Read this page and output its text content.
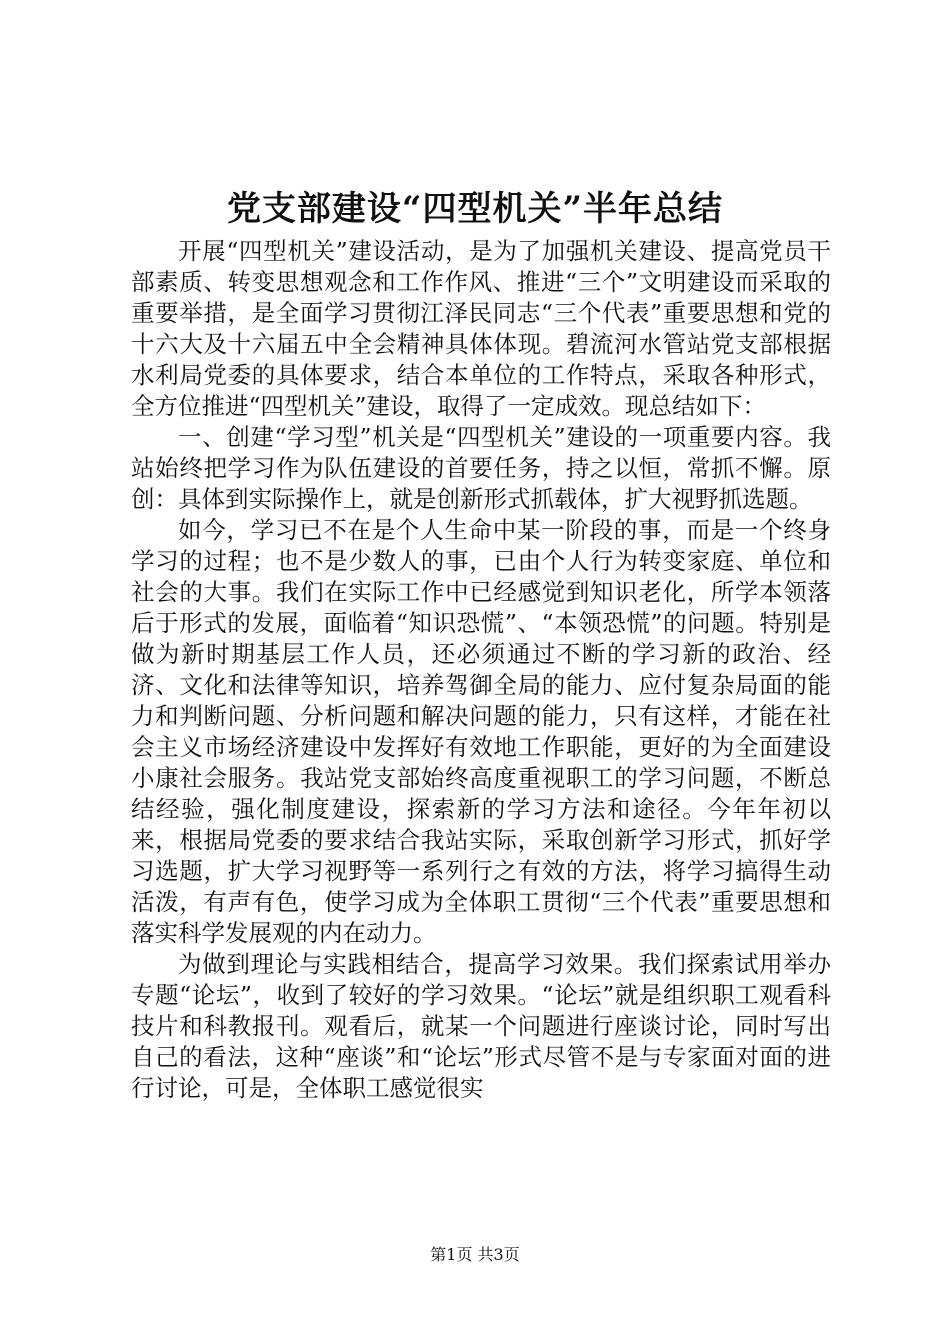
党支部建设“四型机关”半年总结

开展“四型机关”建设活动，是为了加强机关建设、提高党员干部素质、转变思想观念和工作作风、推进“三个”文明建设而采取的重要举措，是全面学习贯彻江泽民同志“三个代表”重要思想和党的十六大及十六届五中全会精神具体体现。碧流河水管站党支部根据水利局党委的具体要求，结合本单位的工作特点，采取各种形式，全方位推进“四型机关”建设，取得了一定成效。现总结如下：

一、创建“学习型”机关是“四型机关”建设的一项重要内容。我站始终把学习作为队伍建设的首要任务，持之以恒，常抓不懈。原创：具体到实际操作上，就是创新形式抓载体，扩大视野抓选题。

如今，学习已不在是个人生命中某一阶段的事，而是一个终身学习的过程；也不是少数人的事，已由个人行为转变家庭、单位和社会的大事。我们在实际工作中已经感觉到知识老化，所学本领落后于形式的发展，面临着“知识恐慌”、“本领恐慌”的问题。特别是做为新时期基层工作人员，还必须通过不断的学习新的政治、经济、文化和法律等知识，培养驾御全局的能力、应付复杂局面的能力和判断问题、分析问题和解决问题的能力，只有这样，才能在社会主义市场经济建设中发挥好有效地工作职能，更好的为全面建设小康社会服务。我站党支部始终高度重视职工的学习问题，不断总结经验，强化制度建设，探索新的学习方法和途径。今年年初以来，根据局党委的要求结合我站实际，采取创新学习形式，抓好学习选题，扩大学习视野等一系列行之有效的方法，将学习搞得生动活泼，有声有色，使学习成为全体职工贯彻“三个代表”重要思想和落实科学发展观的内在动力。

为做到理论与实践相结合，提高学习效果。我们探索试用举办专题“论坛”，收到了较好的学习效果。“论坛”就是组织职工观看科技片和科教报刊。观看后，就某一个问题进行座谈讨论，同时写出自己的看法，这种“座谈”和“论坛”形式尽管不是与专家面对面的进行讨论，可是，全体职工感觉很实

第1页 共3页
